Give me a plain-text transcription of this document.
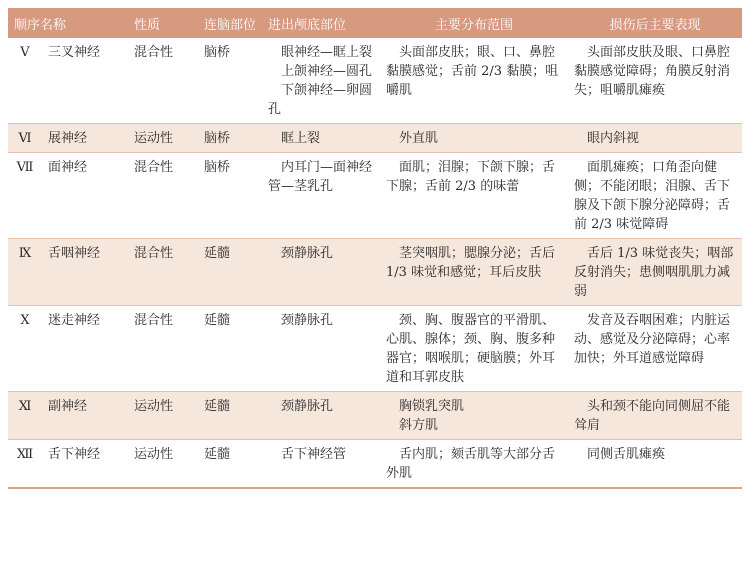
顺序名称		性质	连脑部位	进出颅底部位	主要分布范围	损伤后主要表现
Ⅴ	三叉神经	混合性	脑桥	眼神经—眶上裂
上颌神经—圆孔
下颌神经—卵圆孔	头面部皮肤；眼、口、鼻腔黏膜感觉；舌前 2/3 黏膜；咀嚼肌	头面部皮肤及眼、口鼻腔黏膜感觉障碍；角膜反射消失；咀嚼肌瘫痪
Ⅵ	展神经	运动性	脑桥	眶上裂	外直肌	眼内斜视
Ⅶ	面神经	混合性	脑桥	内耳门—面神经管—茎乳孔	面肌；泪腺；下颌下腺；舌下腺；舌前 2/3 的味蕾	面肌瘫痪；口角歪向健侧；不能闭眼；泪腺、舌下腺及下颌下腺分泌障碍；舌前 2/3 味觉障碍
Ⅸ	舌咽神经	混合性	延髓	颈静脉孔	茎突咽肌；腮腺分泌；舌后 1/3 味觉和感觉；耳后皮肤	舌后 1/3 味觉丧失；咽部反射消失；患侧咽肌肌力减弱
Ⅹ	迷走神经	混合性	延髓	颈静脉孔	颈、胸、腹器官的平滑肌、心肌、腺体；颈、胸、腹多种器官；咽喉肌；硬脑膜；外耳道和耳郭皮肤	发音及吞咽困难；内脏运动、感觉及分泌障碍；心率加快；外耳道感觉障碍
Ⅺ	副神经	运动性	延髓	颈静脉孔	胸锁乳突肌
斜方肌	头和颈不能向同侧屈不能耸肩
Ⅻ	舌下神经	运动性	延髓	舌下神经管	舌内肌；颏舌肌等大部分舌外肌	同侧舌肌瘫痪
